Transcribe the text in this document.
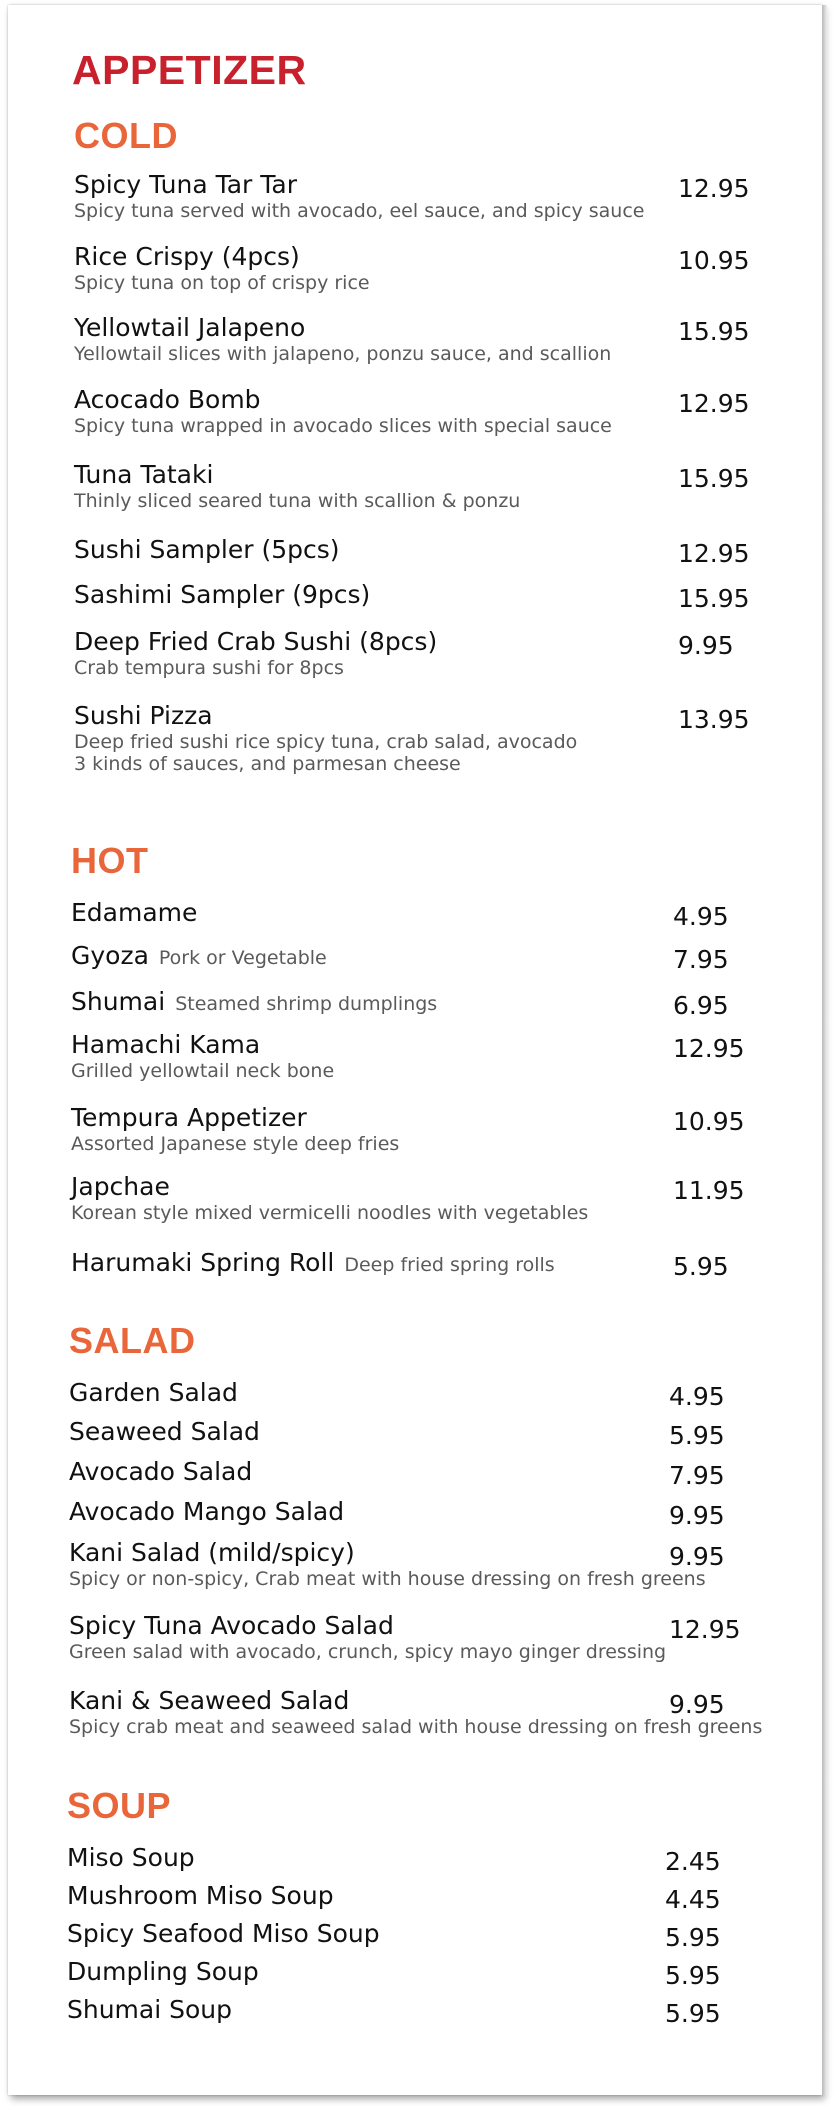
APPETIZER
COLD
Spicy Tuna Tar Tar
Spicy tuna served with avocado, eel sauce, and spicy sauce
12.95
Rice Crispy (4pcs)
Spicy tuna on top of crispy rice
10.95
Yellowtail Jalapeno
Yellowtail slices with jalapeno, ponzu sauce, and scallion
15.95
Acocado Bomb
Spicy tuna wrapped in avocado slices with special sauce
12.95
Tuna Tataki
Thinly sliced seared tuna with scallion & ponzu
15.95
Sushi Sampler (5pcs)	12.95
Sashimi Sampler (9pcs)	15.95
Deep Fried Crab Sushi (8pcs)
Crab tempura sushi for 8pcs
9.95
Sushi Pizza
Deep fried sushi rice spicy tuna, crab salad, avocado
3 kinds of sauces, and parmesan cheese
13.95
HOT
Edamame	4.95
Gyoza Pork or Vegetable	7.95
Shumai Steamed shrimp dumplings	6.95
Hamachi Kama
Grilled yellowtail neck bone
12.95
Tempura Appetizer
Assorted Japanese style deep fries
10.95
Japchae
Korean style mixed vermicelli noodles with vegetables
11.95
Harumaki Spring Roll Deep fried spring rolls	5.95
SALAD
Garden Salad	4.95
Seaweed Salad	5.95
Avocado Salad	7.95
Avocado Mango Salad	9.95
Kani Salad (mild/spicy)
Spicy or non-spicy, Crab meat with house dressing on fresh greens
9.95
Spicy Tuna Avocado Salad
Green salad with avocado, crunch, spicy mayo ginger dressing
12.95
Kani & Seaweed Salad
Spicy crab meat and seaweed salad with house dressing on fresh greens
9.95
SOUP
Miso Soup	2.45
Mushroom Miso Soup	4.45
Spicy Seafood Miso Soup	5.95
Dumpling Soup	5.95
Shumai Soup	5.95
